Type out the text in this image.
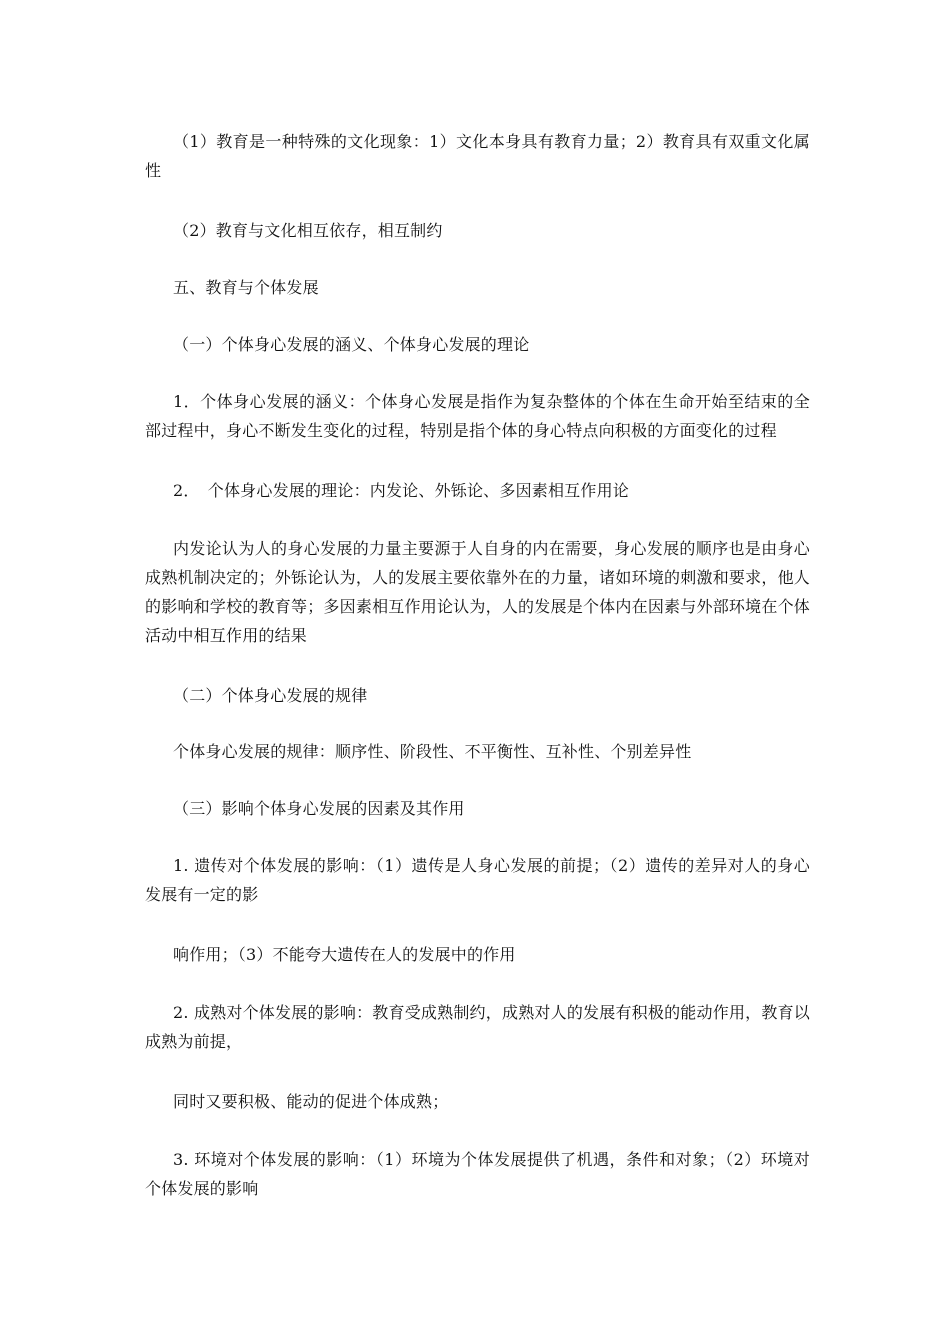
（1）教育是一种特殊的文化现象：1）文化本身具有教育力量；2）教育具有双重文化属性

（2）教育与文化相互依存，相互制约

五、教育与个体发展

（一）个体身心发展的涵义、个体身心发展的理论

1．个体身心发展的涵义：个体身心发展是指作为复杂整体的个体在生命开始至结束的全部过程中，身心不断发生变化的过程，特别是指个体的身心特点向积极的方面变化的过程

2．　个体身心发展的理论：内发论、外铄论、多因素相互作用论

内发论认为人的身心发展的力量主要源于人自身的内在需要，身心发展的顺序也是由身心成熟机制决定的；外铄论认为，人的发展主要依靠外在的力量，诸如环境的刺激和要求，他人的影响和学校的教育等；多因素相互作用论认为，人的发展是个体内在因素与外部环境在个体活动中相互作用的结果

（二）个体身心发展的规律

个体身心发展的规律：顺序性、阶段性、不平衡性、互补性、个别差异性

（三）影响个体身心发展的因素及其作用

1. 遗传对个体发展的影响：（1）遗传是人身心发展的前提；（2）遗传的差异对人的身心发展有一定的影

响作用；（3）不能夸大遗传在人的发展中的作用

2. 成熟对个体发展的影响：教育受成熟制约，成熟对人的发展有积极的能动作用，教育以成熟为前提，

同时又要积极、能动的促进个体成熟；

3. 环境对个体发展的影响：（1）环境为个体发展提供了机遇，条件和对象；（2）环境对个体发展的影响
